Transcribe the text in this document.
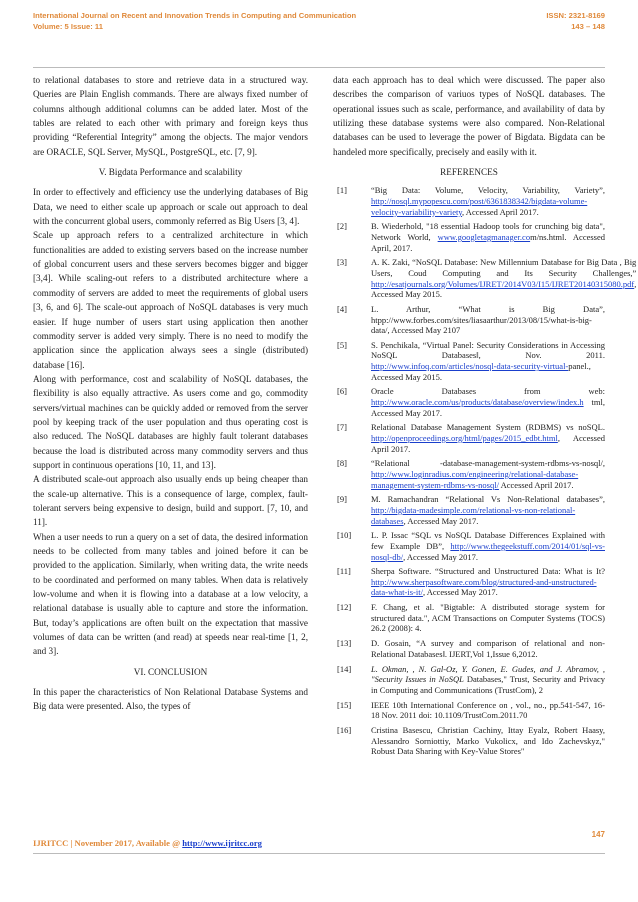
International Journal on Recent and Innovation Trends in Computing and Communication
Volume: 5 Issue: 11
ISSN: 2321-8169
143 – 148

to relational databases to store and retrieve data in a structured way. Queries are Plain English commands. There are always fixed number of columns although additional columns can be added later. Most of the tables are related to each other with primary and foreign keys thus providing “Referential Integrity” among the objects. The major vendors are ORACLE, SQL Server, MySQL, PostgreSQL, etc. [7, 9].

V. Bigdata Performance and scalability

In order to effectively and efficiency use the underlying databases of Big Data, we need to either scale up approach or scale out approach to deal with the concurrent global users, commonly referred as Big Users [3, 4].

Scale up approach refers to a centralized architecture in which functionalities are added to existing servers based on the increase number of global concurrent users and these servers becomes bigger and bigger [3,4]. While scaling-out refers to a distributed architecture where a commodity of servers are added to meet the requirements of global users [3, 6, and 6]. The scale-out approach of NoSQL databases is very much easier. If huge number of users start using application then another commodity server is added very simply. There is no need to modify the application since the application always sees a single (distributed) database [16].

Along with performance, cost and scalability of NoSQL databases, the flexibility is also equally attractive. As users come and go, commodity servers/virtual machines can be quickly added or removed from the server pool by keeping track of the user population and thus operating cost is also reduced. The NoSQL databases are highly fault tolerant databases because the load is distributed across many commodity servers and thus support in continuous operations [10, 11, and 13].

A distributed scale-out approach also usually ends up being cheaper than the scale-up alternative. This is a consequence of large, complex, fault-tolerant servers being expensive to design, build and support. [7, 10, and 11].

When a user needs to run a query on a set of data, the desired information needs to be collected from many tables and joined before it can be provided to the application. Similarly, when writing data, the write needs to be coordinated and performed on many tables. When data is relatively low-volume and when it is flowing into a database at a low velocity, a relational database is usually able to capture and store the information. But, today’s applications are often built on the expectation that massive volumes of data can be written (and read) at speeds near real-time [1, 2, and 3].

VI. CONCLUSION

In this paper the characteristics of Non Relational Database Systems and Big data were presented. Also, the types of

data each approach has to deal which were discussed. The paper also describes the comparison of variuos types of NoSQL databases. The operational issues such as scale, performance, and availability of data by utilizing these database systems were also compared. Non-Relational databases can be used to leverage the power of Bigdata. Bigdata can be handeled more specifically, precisely and easily with it.

REFERENCES

[1]	“Big Data: Volume, Velocity, Variability, Variety”, http://nosql.mypopescu.com/post/6361838342/bigdata-volume-velocity-variability-variety, Accessed April 2017.
[2]	B. Wiederhold, "18 essential Hadoop tools for crunching big data", Network World, www.googletagmanager.com/ns.html. Accessed April, 2017.
[3]	A. K. Zaki, “NoSQL Database: New Millennium Database for Big Data , Big Users, Coud Computing and Its Security Challenges,” http://esatjournals.org/Volumes/IJRET/2014V03/I15/IJRET20140315080.pdf, Accessed May 2015.
[4]	L. Arthur, “What is Big Data”, htpp://www.forbes.com/sites/liasaarthur/2013/08/15/what-is-big-data/, Accessed May 2107
[5]	S. Penchikala, “Virtual Panel: Security Considerations in Accessing NoSQL Databases‖, Nov. 2011. http://www.infoq.com/articles/nosql-data-security-virtual-panel., Accessed May 2015.
[6]	Oracle Databases from web: http://www.oracle.com/us/products/database/overview/index.h tml, Accessed May 2017.
[7]	Relational Database Management System (RDBMS) vs noSQL. http://openproceedings.org/html/pages/2015_edbt.html, Accessed April 2017.
[8]	“Relational -database-management-system-rdbms-vs-nosql/, http://www.loginradius.com/engineering/relational-database-management-system-rdbms-vs-nosql/ Accessed April 2017.
[9]	M. Ramachandran “Relational Vs Non-Relational databases”, http://bigdata-madesimple.com/relational-vs-non-relational-databases, Accessed May 2017.
[10]	L. P. Issac “SQL vs NoSQL Database Differences Explained with few Example DB”, http://www.thegeekstuff.com/2014/01/sql-vs-nosql-db/, Accessed May 2017.
[11]	Sherpa Software. “Structured and Unstructured Data: What is It? http://www.sherpasoftware.com/blog/structured-and-unstructured-data-what-is-it/, Accessed May 2017.
[12]	F. Chang, et al. "Bigtable: A distributed storage system for structured data.", ACM Transactions on Computer Systems (TOCS) 26.2 (2008): 4.
[13]	D. Gosain, “A survey and comparison of relational and non-Relational Databases‖. IJERT,Vol 1,Issue 6,2012.
[14]	L. Okman, , N. Gal-Oz, Y. Gonen, E. Gudes, and J. Abramov, , "Security Issues in NoSQL Databases," Trust, Security and Privacy in Computing and Communications (TrustCom), 2
[15]	IEEE 10th International Conference on , vol., no., pp.541-547, 16-18 Nov. 2011 doi: 10.1109/TrustCom.2011.70
[16]	Cristina Basescu, Christian Cachiny, Ittay Eyalz, Robert Haasy, Alessandro Sorniottiy, Marko Vukolicx, and Ido Zachevskyz," Robust Data Sharing with Key-Value Stores"
147
IJRITCC | November 2017, Available @ http://www.ijritcc.org
